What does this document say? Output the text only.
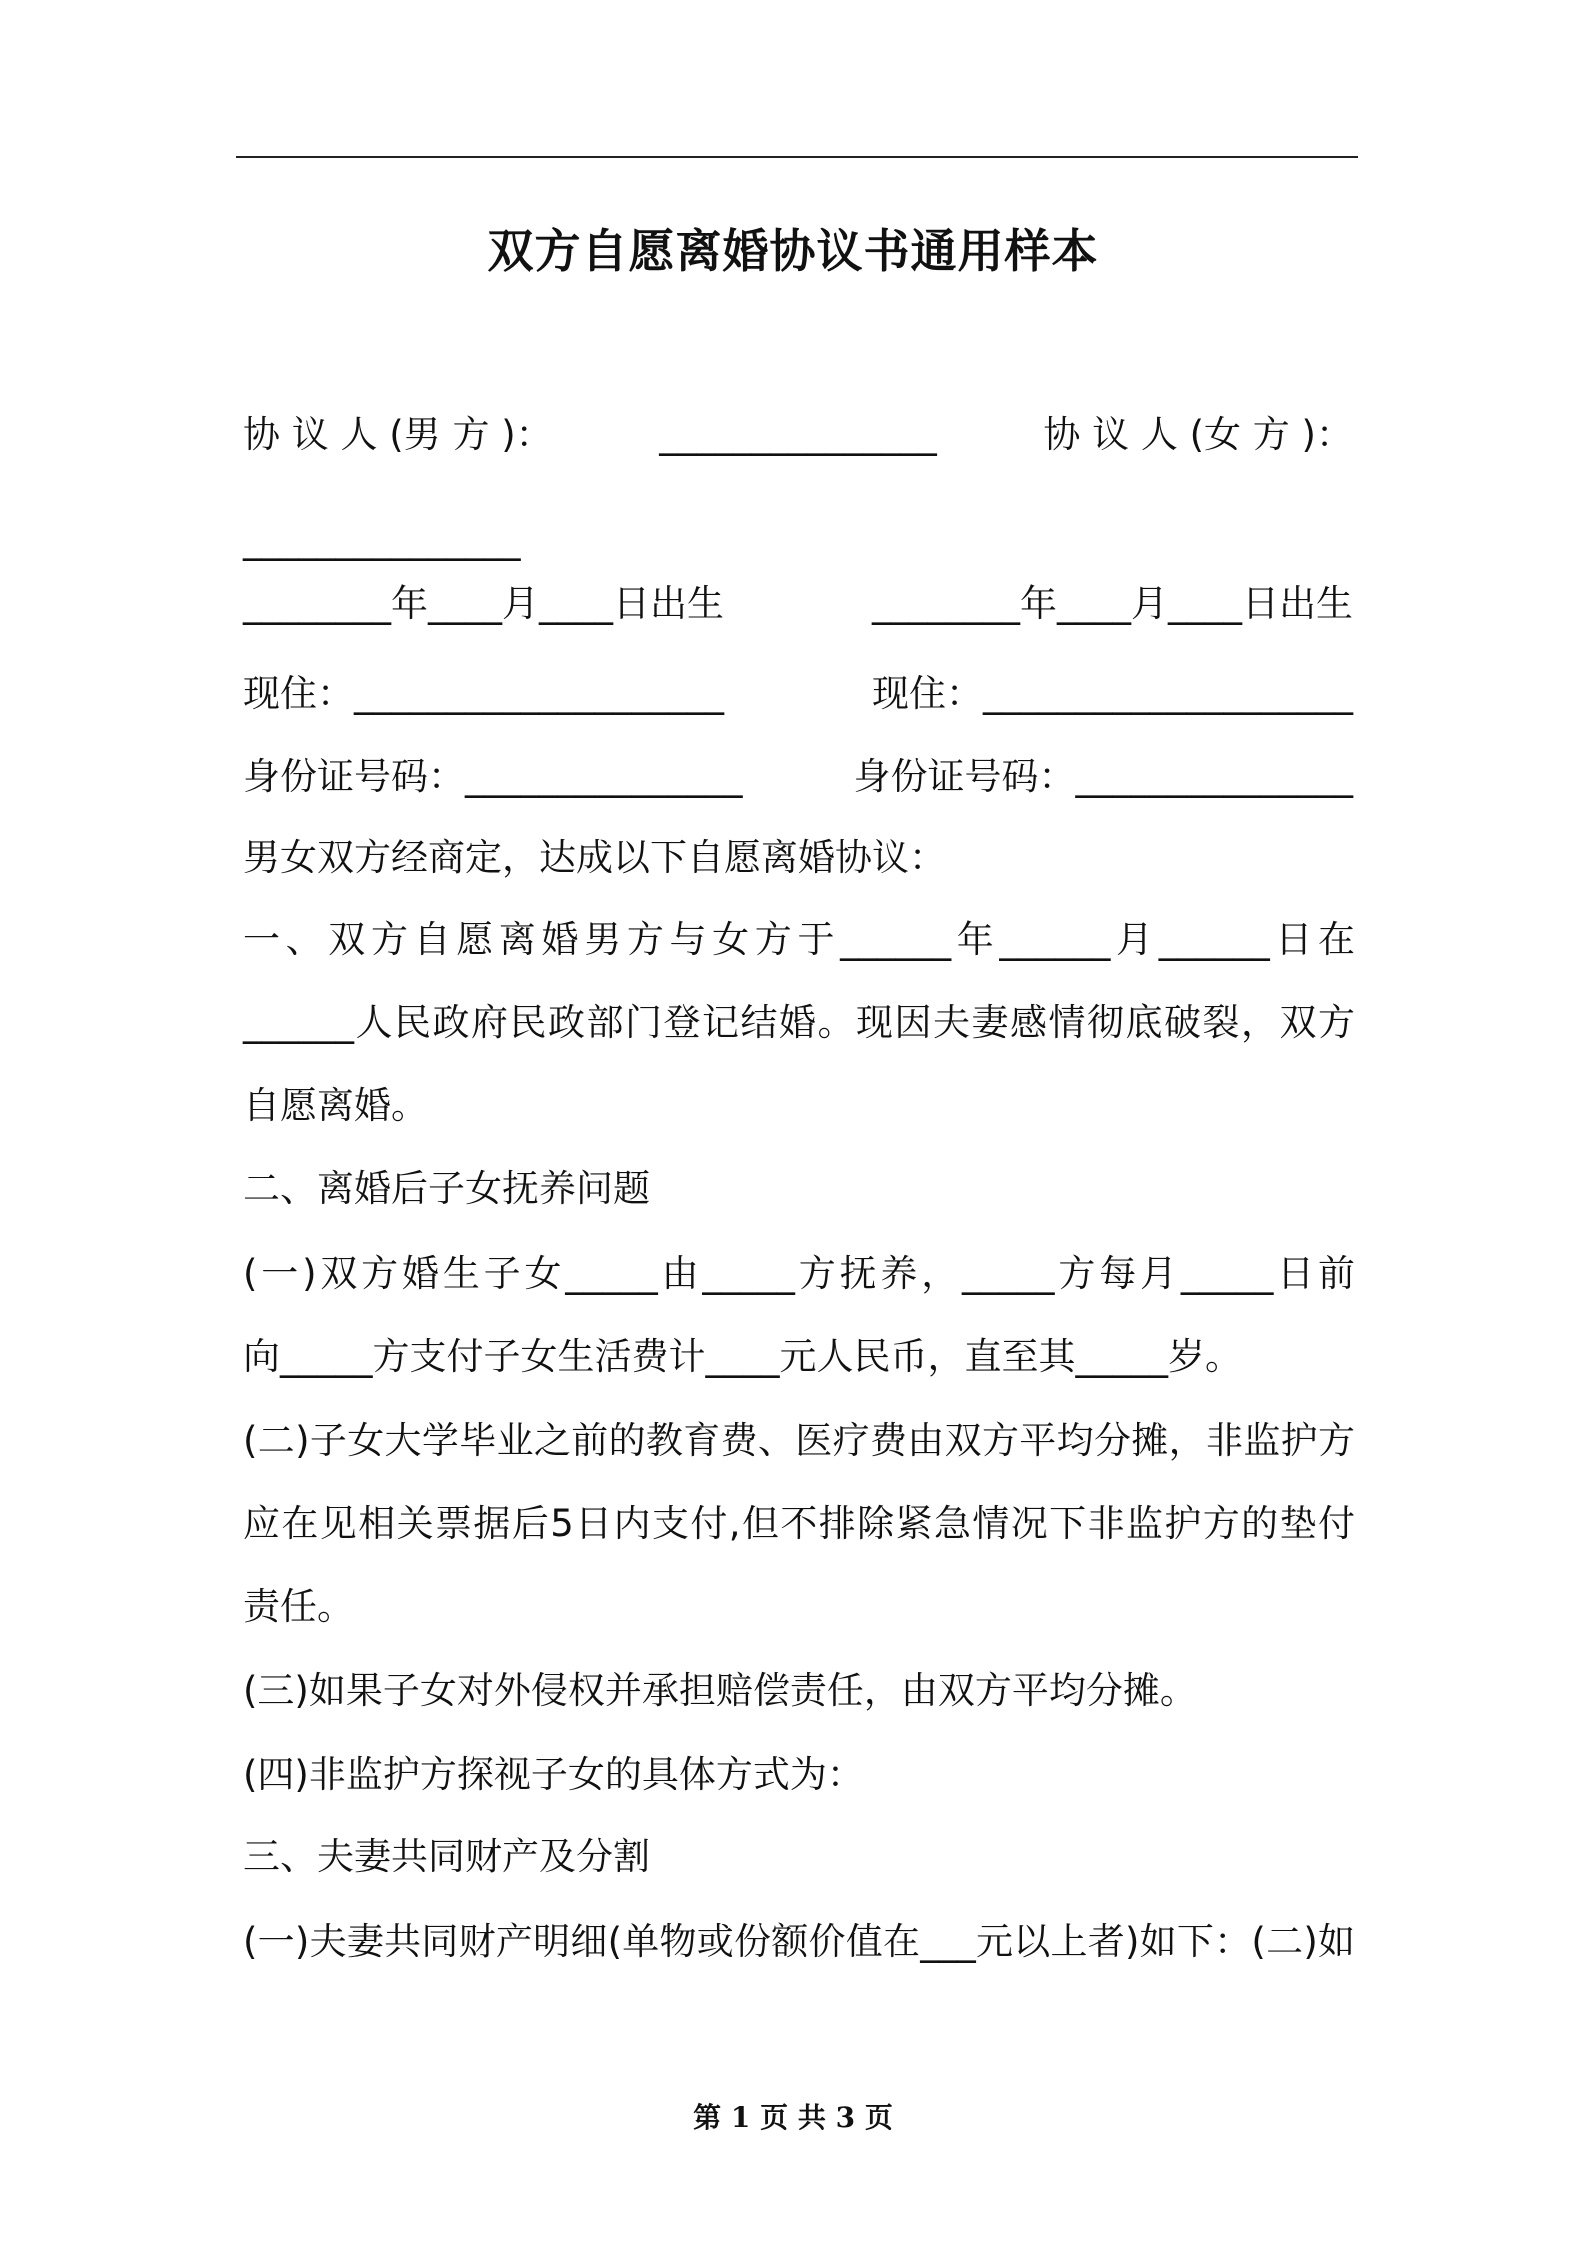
双方自愿离婚协议书通用样本
协 议 人 (男 方 )：	_______________	协 议 人 (女 方 )：
_______________
________年____月____日出生	________年____月____日出生
现住：____________________	现住：____________________
身份证号码：_______________	身份证号码：_______________
男女双方经商定，达成以下自愿离婚协议：
一、双方自愿离婚男方与女方于______年______月______日在
______人民政府民政部门登记结婚。现因夫妻感情彻底破裂，双方
自愿离婚。
二、离婚后子女抚养问题
(一)双方婚生子女_____由_____方抚养，_____方每月_____日前
向_____方支付子女生活费计____元人民币，直至其_____岁。
(二)子女大学毕业之前的教育费、医疗费由双方平均分摊，非监护方
应在见相关票据后5日内支付,但不排除紧急情况下非监护方的垫付
责任。
(三)如果子女对外侵权并承担赔偿责任，由双方平均分摊。
(四)非监护方探视子女的具体方式为：
三、夫妻共同财产及分割
(一)夫妻共同财产明细(单物或份额价值在___元以上者)如下：(二)如
第 1 页 共 3 页
